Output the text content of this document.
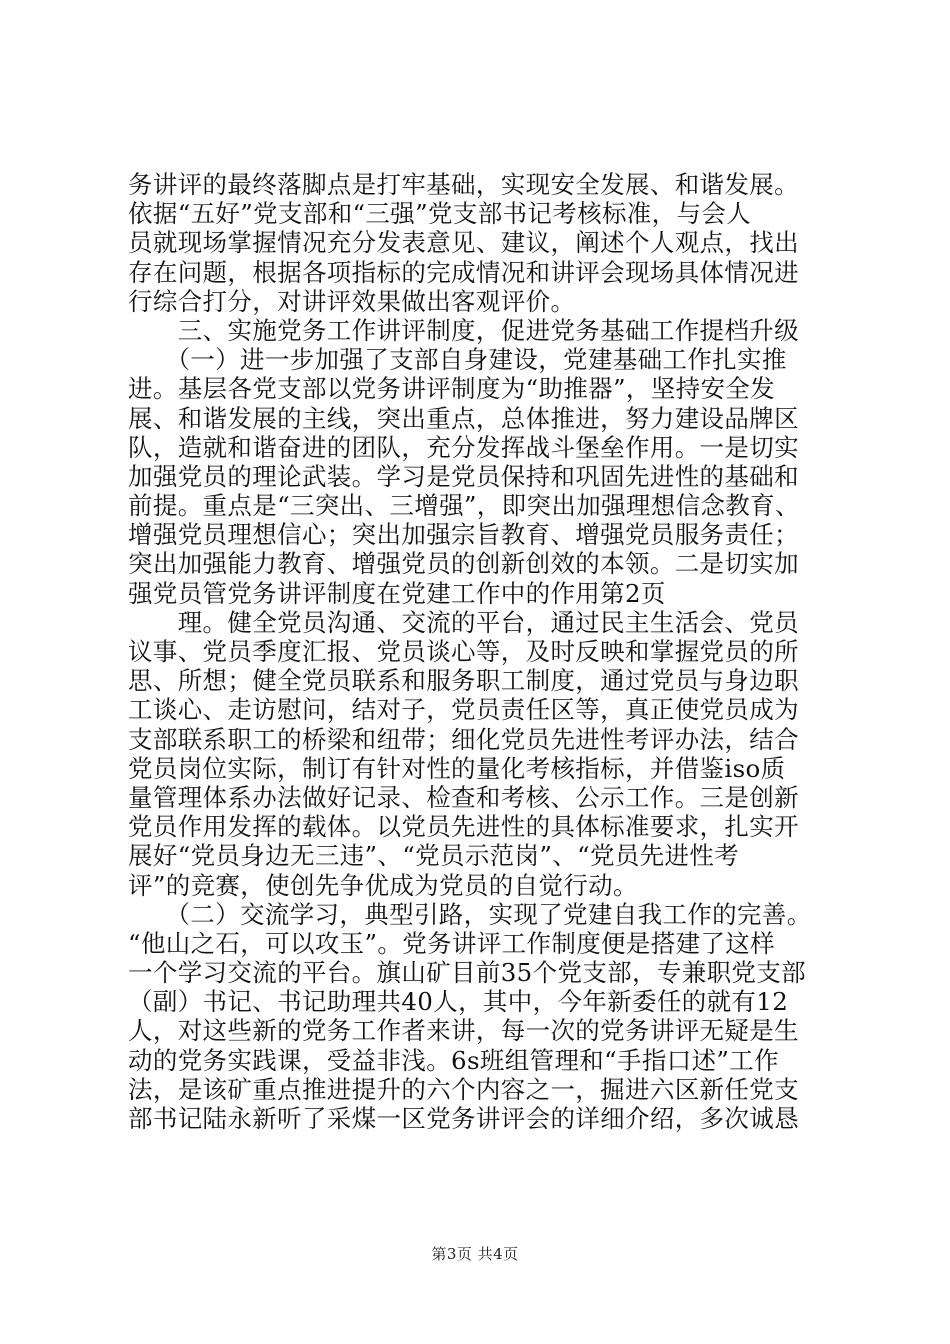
务讲评的最终落脚点是打牢基础，实现安全发展、和谐发展。
依据“五好”党支部和“三强”党支部书记考核标准，与会人
员就现场掌握情况充分发表意见、建议，阐述个人观点，找出
存在问题，根据各项指标的完成情况和讲评会现场具体情况进
行综合打分，对讲评效果做出客观评价。
　　三、实施党务工作讲评制度，促进党务基础工作提档升级
　　（一）进一步加强了支部自身建设，党建基础工作扎实推
进。基层各党支部以党务讲评制度为“助推器”，坚持安全发
展、和谐发展的主线，突出重点，总体推进，努力建设品牌区
队，造就和谐奋进的团队，充分发挥战斗堡垒作用。一是切实
加强党员的理论武装。学习是党员保持和巩固先进性的基础和
前提。重点是“三突出、三增强”，即突出加强理想信念教育、
增强党员理想信心；突出加强宗旨教育、增强党员服务责任；
突出加强能力教育、增强党员的创新创效的本领。二是切实加
强党员管党务讲评制度在党建工作中的作用第2页
　　理。健全党员沟通、交流的平台，通过民主生活会、党员
议事、党员季度汇报、党员谈心等，及时反映和掌握党员的所
思、所想；健全党员联系和服务职工制度，通过党员与身边职
工谈心、走访慰问，结对子，党员责任区等，真正使党员成为
支部联系职工的桥梁和纽带；细化党员先进性考评办法，结合
党员岗位实际，制订有针对性的量化考核指标，并借鉴iso质
量管理体系办法做好记录、检查和考核、公示工作。三是创新
党员作用发挥的载体。以党员先进性的具体标准要求，扎实开
展好“党员身边无三违”、“党员示范岗”、“党员先进性考
评”的竞赛，使创先争优成为党员的自觉行动。
　　（二）交流学习，典型引路，实现了党建自我工作的完善。
“他山之石，可以攻玉”。党务讲评工作制度便是搭建了这样
一个学习交流的平台。旗山矿目前35个党支部，专兼职党支部
（副）书记、书记助理共40人，其中，今年新委任的就有12
人，对这些新的党务工作者来讲，每一次的党务讲评无疑是生
动的党务实践课，受益非浅。6s班组管理和“手指口述”工作
法，是该矿重点推进提升的六个内容之一，掘进六区新任党支
部书记陆永新听了采煤一区党务讲评会的详细介绍，多次诚恳
第3页 共4页
